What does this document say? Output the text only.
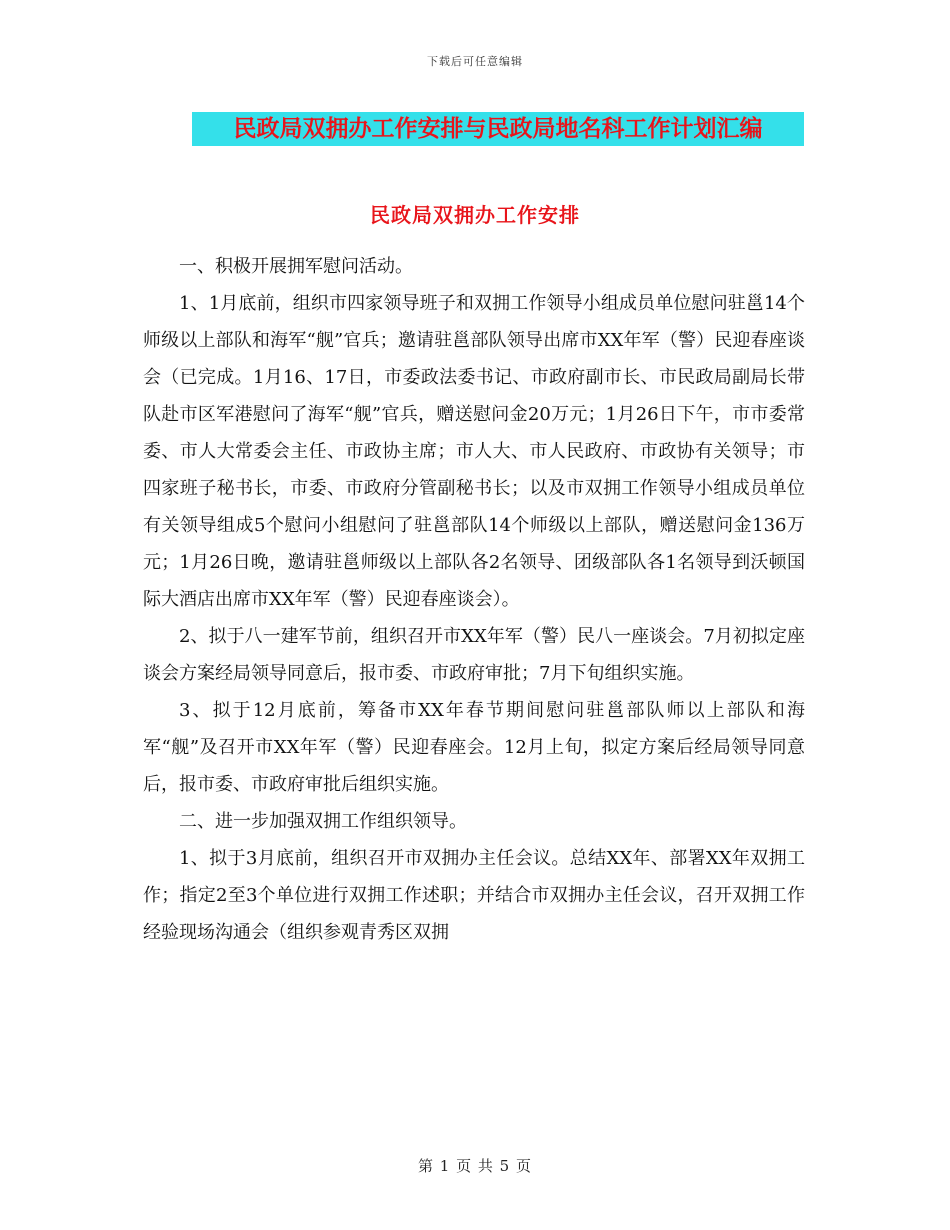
下载后可任意编辑
民政局双拥办工作安排与民政局地名科工作计划汇编
民政局双拥办工作安排

一、积极开展拥军慰问活动。

1、1月底前，组织市四家领导班子和双拥工作领导小组成员单位慰问驻邕14个师级以上部队和海军“舰”官兵；邀请驻邕部队领导出席市XX年军（警）民迎春座谈会（已完成。1月16、17日，市委政法委书记、市政府副市长、市民政局副局长带队赴市区军港慰问了海军“舰”官兵，赠送慰问金20万元；1月26日下午，市市委常委、市人大常委会主任、市政协主席；市人大、市人民政府、市政协有关领导；市四家班子秘书长，市委、市政府分管副秘书长；以及市双拥工作领导小组成员单位有关领导组成5个慰问小组慰问了驻邕部队14个师级以上部队，赠送慰问金136万元；1月26日晚，邀请驻邕师级以上部队各2名领导、团级部队各1名领导到沃顿国际大酒店出席市XX年军（警）民迎春座谈会）。

2、拟于八一建军节前，组织召开市XX年军（警）民八一座谈会。7月初拟定座谈会方案经局领导同意后，报市委、市政府审批；7月下旬组织实施。

3、拟于12月底前，筹备市XX年春节期间慰问驻邕部队师以上部队和海军“舰”及召开市XX年军（警）民迎春座会。12月上旬，拟定方案后经局领导同意后，报市委、市政府审批后组织实施。

二、进一步加强双拥工作组织领导。

1、拟于3月底前，组织召开市双拥办主任会议。总结XX年、部署XX年双拥工作；指定2至3个单位进行双拥工作述职；并结合市双拥办主任会议，召开双拥工作经验现场沟通会（组织参观青秀区双拥

第 1 页 共 5 页
